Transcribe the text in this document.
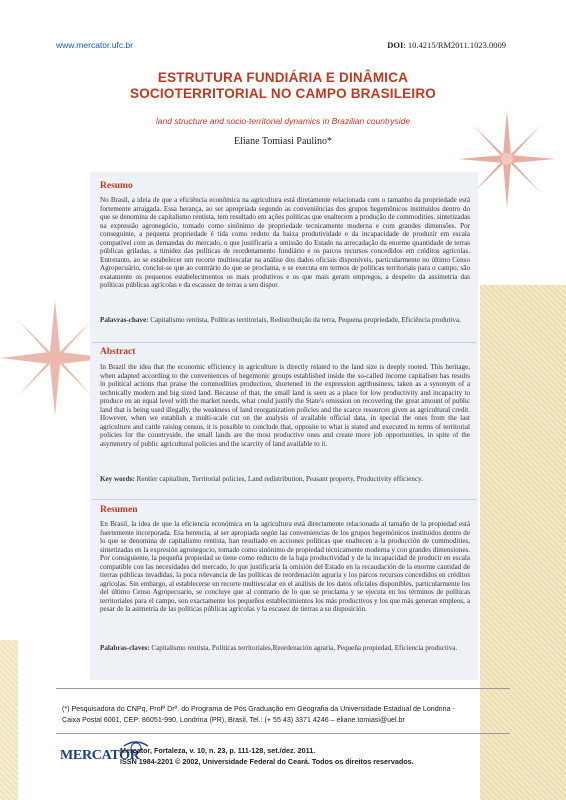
www.mercator.ufc.br	DOI: 10.4215/RM2011.1023.0009
ESTRUTURA FUNDIÁRIA E DINÂMICA
SOCIOTERRITORIAL NO CAMPO BRASILEIRO
land structure and socio-territorial dynamics in Brazilian countryside
Eliane Tomiasi Paulino*
Resumo
No Brasil, a ideia de que a eficiência econômica na agricultura está diretamente relacionada com o tamanho da propriedade está fortemente arraigada. Essa herança, ao ser apropriada segundo as conveniências dos grupos hegemônicos instituídos dentro do que se denomina de capitalismo rentista, tem resultado em ações políticas que enaltecem a produção de commodities, sintetizadas na expressão agronegócio, tomado como sinônimo de propriedade tecnicamente moderna e com grandes dimensões. Por conseguinte, a pequena propriedade é tida como reduto da baixa produtividade e da incapacidade de produzir em escala compatível com as demandas do mercado, o que justificaria a omissão do Estado na arrecadação da enorme quantidade de terras públicas griladas, a timidez das políticas de reordenamento fundiário e os parcos recursos concedidos em créditos agrícolas. Entretanto, ao se estabelecer um recorte multiescalar na análise dos dados oficiais disponíveis, particularmente no último Censo Agropecuário, conclui-se que ao contrário do que se proclama, e se executa em termos de políticas territoriais para o campo, são exatamente os pequenos estabelecimentos os mais produtivos e os que mais geram empregos, a despeito da assimetria das políticas públicas agrícolas e da escassez de terras a seu dispor.
Palavras-chave: Capitalismo rentista, Políticas territoriais, Redistribuição da terra, Pequena propriedade, Eficiência produtiva.
Abstract
In Brazil the idea that the economic efficiency in agriculture is directly related to the land size is deeply rooted. This heritage, when adapted according to the conveniences of hegemonic groups established inside the so-called income capitalism has results in political actions that praise the commodities production, shortened in the expression agribusiness, taken as a synonym of a technically modern and big sized land. Because of that, the small land is seen as a place for low productivity and incapacity to produce on an equal level with the market needs, what could justify the State's omission on recovering the great amount of public land that is being used illegally, the weakness of land reorganization policies and the scarce resources given as agricultural credit. However, when we establish a multi-scale cut on the analysis of available official data, in special the ones from the last agriculture and cattle raising census, it is possible to conclude that, opposite to what is stated and executed in terms of territorial policies for the countryside, the small lands are the most productive ones and create more job opportunities, in spite of the asymmetry of public agricultural policies and the scarcity of land available to it.
Key words: Rentier capitalism, Territorial policies, Land redistribution, Peasant property, Productivity efficiency.
Resumen
En Brasil, la idea de que la eficiencia económica en la agricultura está directamente relacionada al tamaño de la propiedad está fuertemente incorporada. Esa herencia, al ser apropiada según las conveniencias de los grupos hegemónicos instituidos dentro de lo que se denomina de capitalismo rentista, han resultado en acciones políticas que enaltecen a la producción de commodities, sintetizadas en la expresión agronegocio, tomado como sinónimo de propiedad técnicamente moderna y con grandes dimensiones. Por consiguiente, la pequeña propiedad se tiene como reducto de la baja productividad y de la incapacidad de producir en escala compatible con las necesidades del mercado, lo que justificaría la omisión del Estado en la recaudación de la enorme cantidad de tierras públicas invadidas, la poca relevancia de las políticas de reordenación agraria y los parcos recursos concedidos en créditos agrícolas. Sin embargo, al establecerse un recorte multiescalar en el análisis de los datos oficiales disponibles, particularmente los del último Censo Agropecuario, se concluye que al contrario de lo que se proclama y se ejecuta en los términos de políticas territoriales para el campo, son exactamente los pequeños establecimientos los más productivos y los que más generan empleos, a pesar de la asimetría de las políticas públicas agrícolas y la escasez de tierras a su disposición.
Palabras-claves: Capitalismo rentista, Políticas territoriales,Reordenación agraria, Pequeña propiedad, Eficiencia productiva.
(*) Pesquisadora do CNPq, Profª Drª. do Programa de Pós Graduação em Geografia da Universidade Estadual de Londrina -
Caixa Postal 6001, CEP: 86051-990, Londrina (PR), Brasil, Tel.: (+ 55 43) 3371 4246 – eliane.tomiasi@uel.br
MERCATOR
Mercator, Fortaleza, v. 10, n. 23, p. 111-128, set./dez. 2011.
ISSN 1984-2201 © 2002, Universidade Federal do Ceará. Todos os direitos reservados.
